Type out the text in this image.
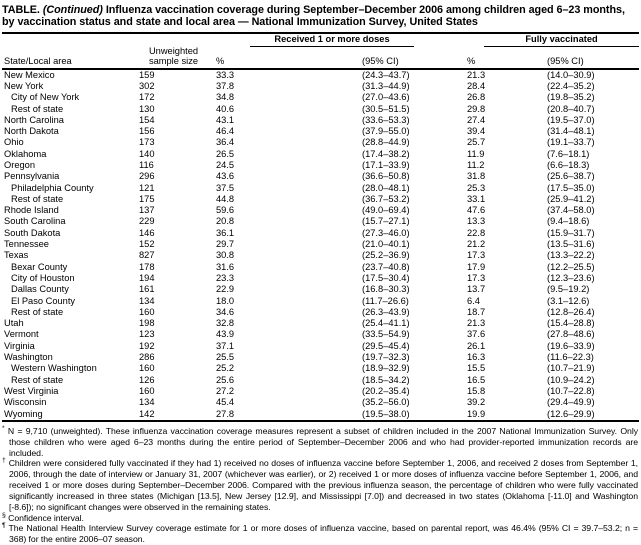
TABLE. (Continued) Influenza vaccination coverage during September–December 2006 among children aged 6–23 months, by vaccination status and state and local area — National Immunization Survey, United States

		Received 1 or more doses		Fully vaccinated	

State/Local area	Unweighted
sample size	%	(95% CI)	%	(95% CI)
New Mexico	159	33.3	(24.3–43.7)	21.3	(14.0–30.9)
New York	302	37.8	(31.3–44.9)	28.4	(22.4–35.2)
City of New York	172	34.8	(27.0–43.6)	26.8	(19.8–35.2)
Rest of state	130	40.6	(30.5–51.5)	29.8	(20.8–40.7)
North Carolina	154	43.1	(33.6–53.3)	27.4	(19.5–37.0)
North Dakota	156	46.4	(37.9–55.0)	39.4	(31.4–48.1)
Ohio	173	36.4	(28.8–44.9)	25.7	(19.1–33.7)
Oklahoma	140	26.5	(17.4–38.2)	11.9	(7.6–18.1)
Oregon	116	24.5	(17.1–33.9)	11.2	(6.6–18.3)
Pennsylvania	296	43.6	(36.6–50.8)	31.8	(25.6–38.7)
Philadelphia County	121	37.5	(28.0–48.1)	25.3	(17.5–35.0)
Rest of state	175	44.8	(36.7–53.2)	33.1	(25.9–41.2)
Rhode Island	137	59.6	(49.0–69.4)	47.6	(37.4–58.0)
South Carolina	229	20.8	(15.7–27.1)	13.3	(9.4–18.6)
South Dakota	146	36.1	(27.3–46.0)	22.8	(15.9–31.7)
Tennessee	152	29.7	(21.0–40.1)	21.2	(13.5–31.6)
Texas	827	30.8	(25.2–36.9)	17.3	(13.3–22.2)
Bexar County	178	31.6	(23.7–40.8)	17.9	(12.2–25.5)
City of Houston	194	23.3	(17.5–30.4)	17.3	(12.3–23.6)
Dallas County	161	22.9	(16.8–30.3)	13.7	(9.5–19.2)
El Paso County	134	18.0	(11.7–26.6)	6.4	(3.1–12.6)
Rest of state	160	34.6	(26.3–43.9)	18.7	(12.8–26.4)
Utah	198	32.8	(25.4–41.1)	21.3	(15.4–28.8)
Vermont	123	43.9	(33.5–54.9)	37.6	(27.8–48.6)
Virginia	192	37.1	(29.5–45.4)	26.1	(19.6–33.9)
Washington	286	25.5	(19.7–32.3)	16.3	(11.6–22.3)
Western Washington	160	25.2	(18.9–32.9)	15.5	(10.7–21.9)
Rest of state	126	25.6	(18.5–34.2)	16.5	(10.9–24.2)
West Virginia	160	27.2	(20.2–35.4)	15.8	(10.7–22.8)
Wisconsin	134	45.4	(35.2–56.0)	39.2	(29.4–49.9)
Wyoming	142	27.8	(19.5–38.0)	19.9	(12.6–29.9)
* N = 9,710 (unweighted). These influenza vaccination coverage measures represent a subset of children included in the 2007 National Immunization Survey. Only those children who were aged 6–23 months during the entire period of September–December 2006 and who had provider-reported immunization records are included.
† Children were considered fully vaccinated if they had 1) received no doses of influenza vaccine before September 1, 2006, and received 2 doses from September 1, 2006, through the date of interview or January 31, 2007 (whichever was earlier), or 2) received 1 or more doses of influenza vaccine before September 1, 2006, and received 1 or more doses during September–December 2006. Compared with the previous influenza season, the percentage of children who were fully vaccinated significantly increased in three states (Michigan [13.5], New Jersey [12.9], and Mississippi [7.0]) and decreased in two states (Oklahoma [-11.0] and Washington [-8.6]); no significant changes were observed in the remaining states.
§ Confidence interval.
¶ The National Health Interview Survey coverage estimate for 1 or more doses of influenza vaccine, based on parental report, was 46.4% (95% CI = 39.7–53.2; n = 368) for the entire 2006–07 season.
